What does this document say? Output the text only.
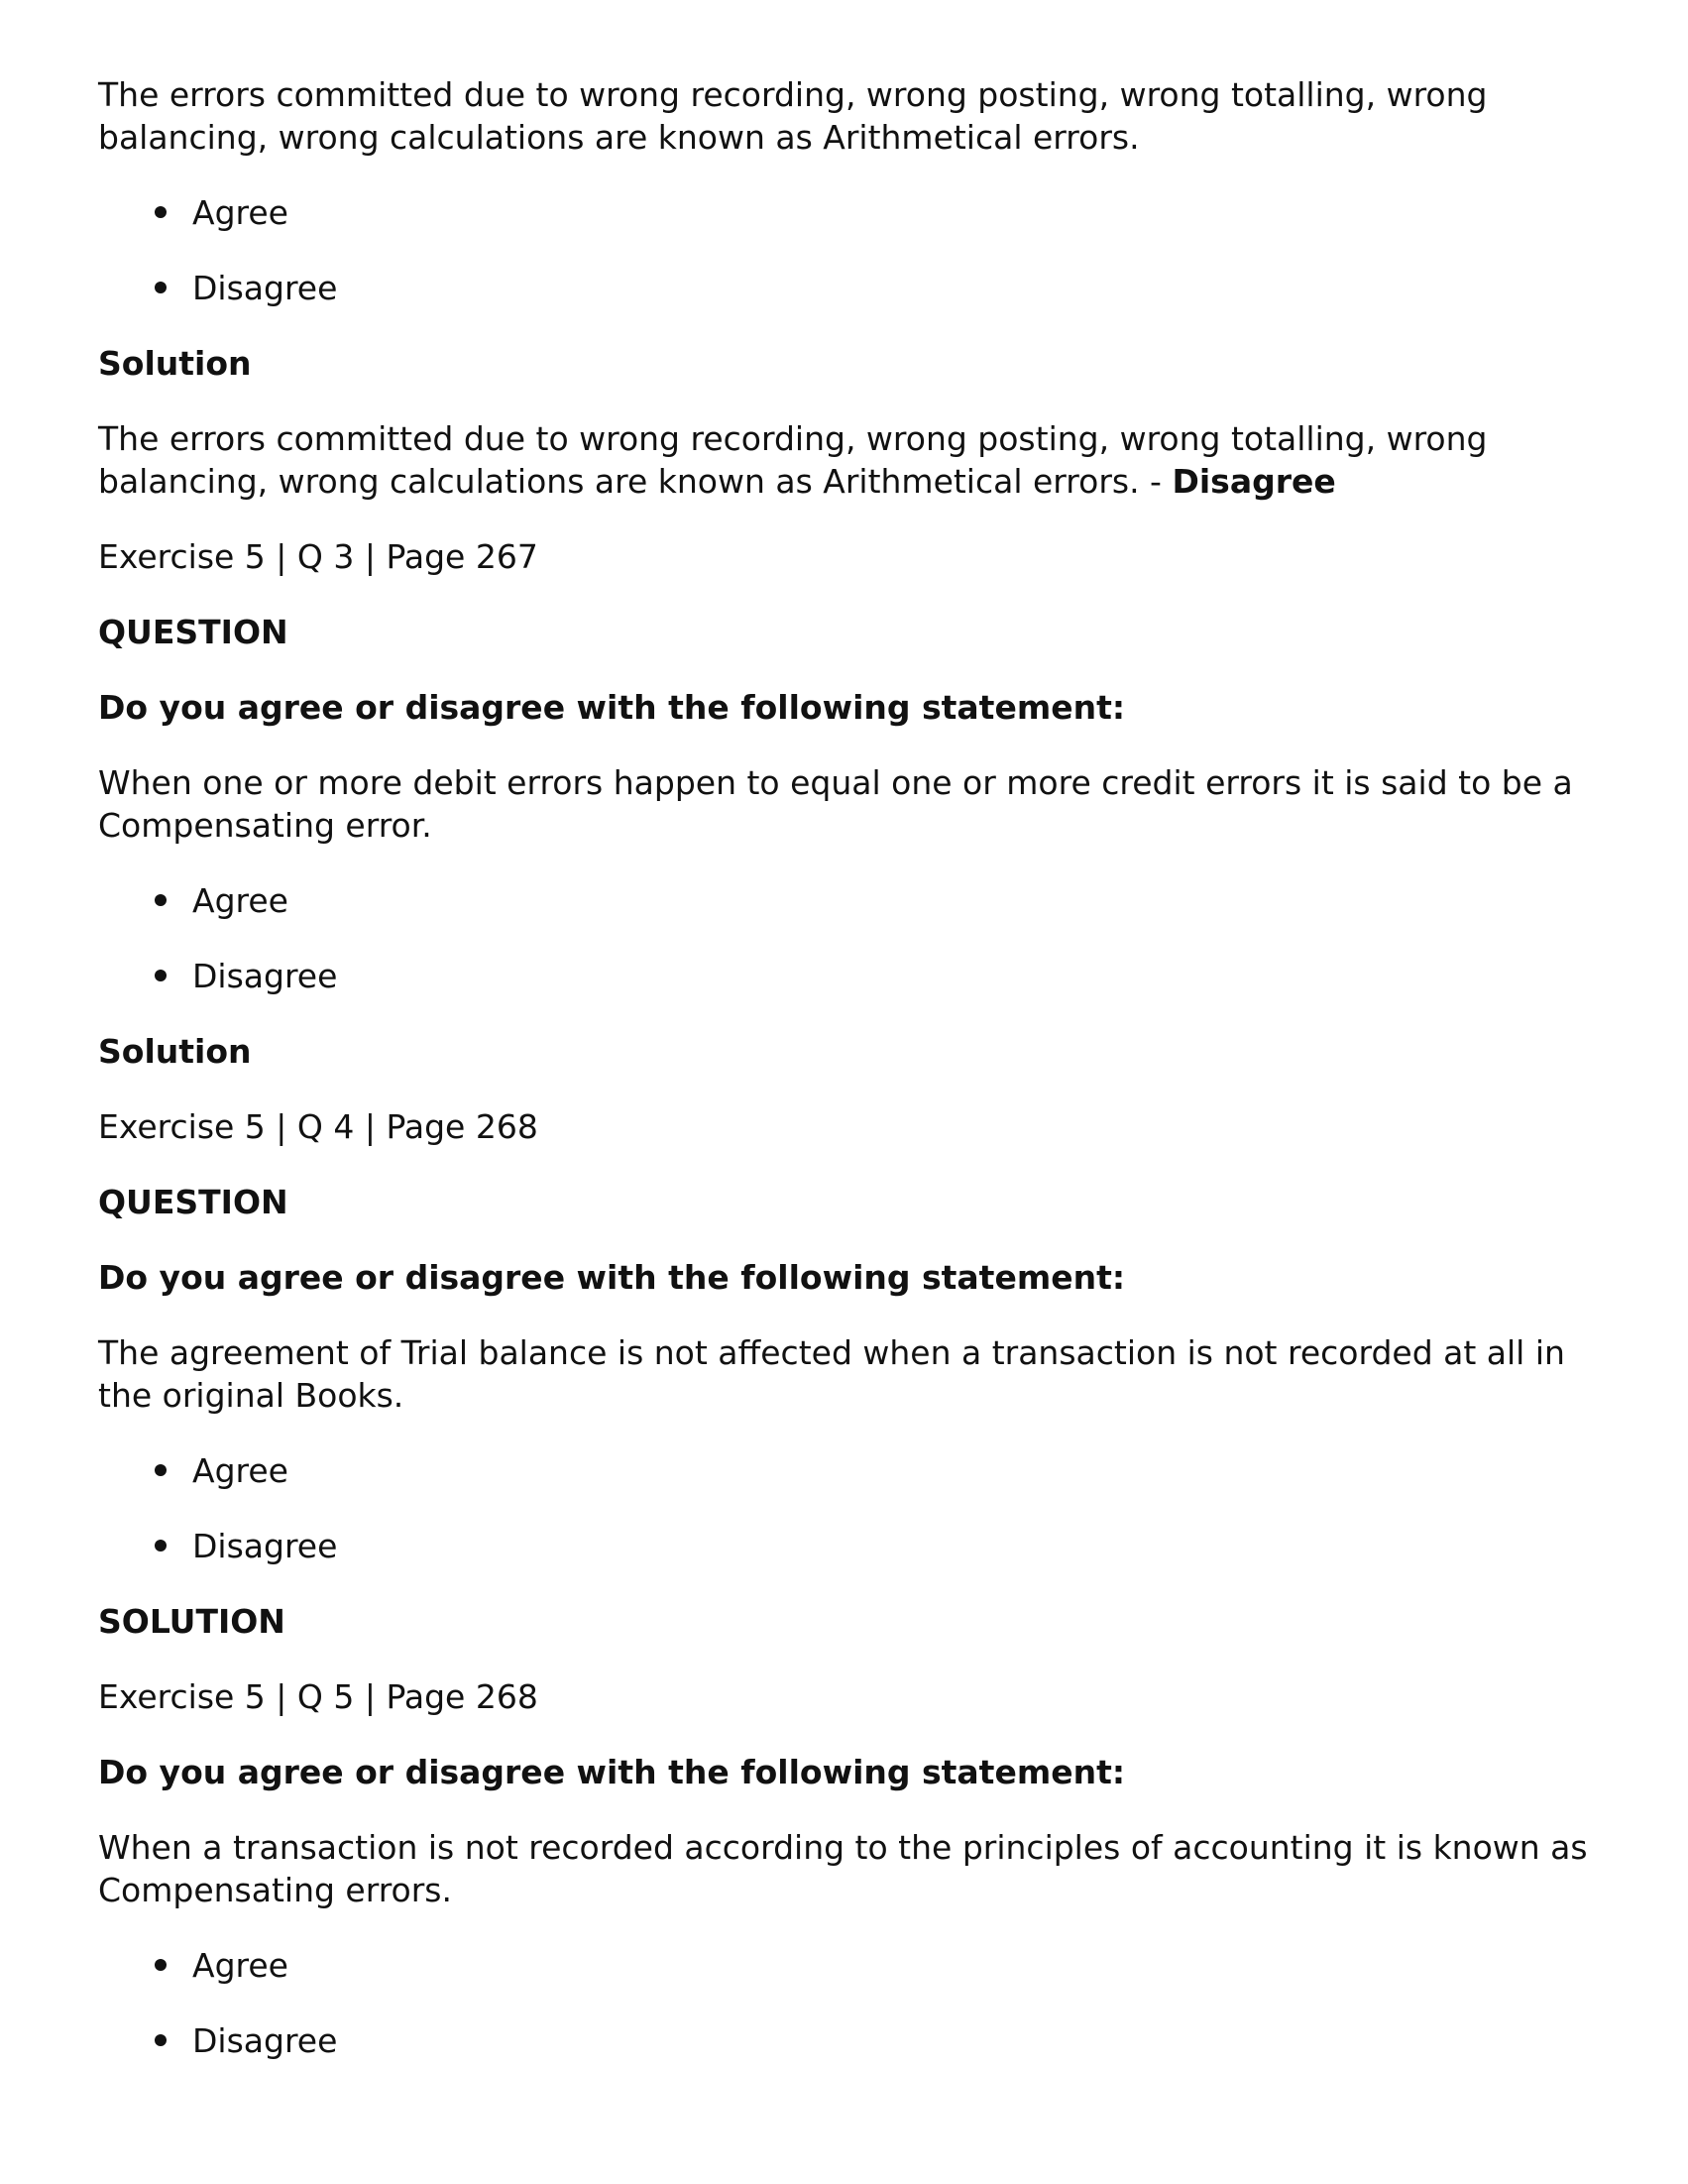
The errors committed due to wrong recording, wrong posting, wrong totalling, wrong balancing, wrong calculations are known as Arithmetical errors.

Agree
Disagree

Solution

The errors committed due to wrong recording, wrong posting, wrong totalling, wrong balancing, wrong calculations are known as Arithmetical errors. - Disagree

Exercise 5 | Q 3 | Page 267

QUESTION

Do you agree or disagree with the following statement:

When one or more debit errors happen to equal one or more credit errors it is said to be a Compensating error.

Agree
Disagree

Solution

Exercise 5 | Q 4 | Page 268

QUESTION

Do you agree or disagree with the following statement:

The agreement of Trial balance is not affected when a transaction is not recorded at all in the original Books.

Agree
Disagree

SOLUTION

Exercise 5 | Q 5 | Page 268

Do you agree or disagree with the following statement:

When a transaction is not recorded according to the principles of accounting it is known as Compensating errors.

Agree
Disagree
